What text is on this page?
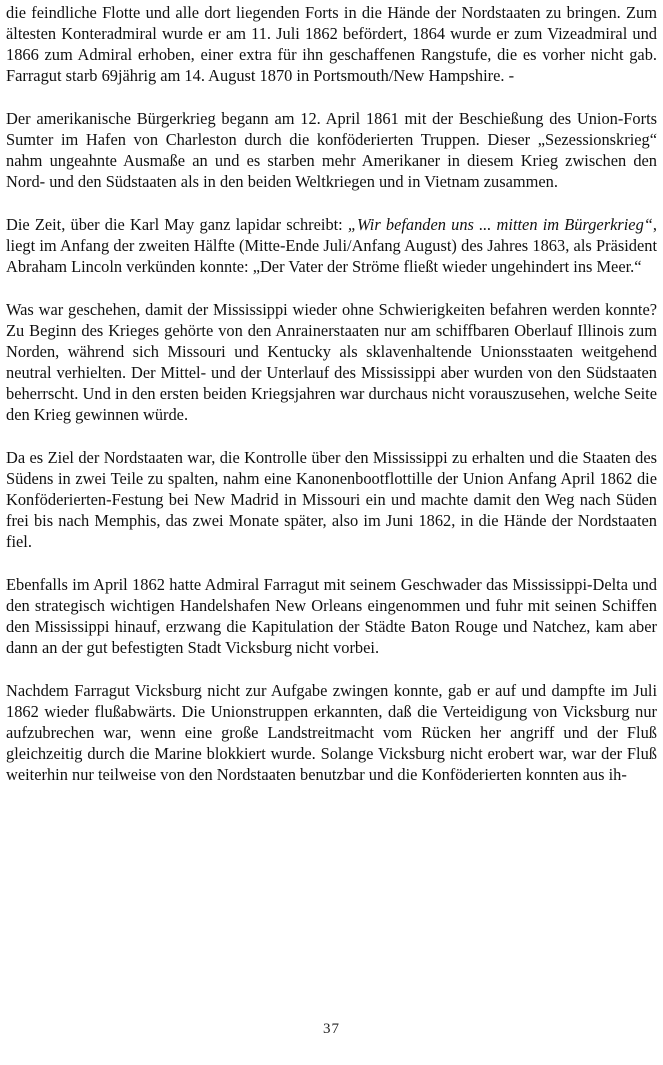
die feindliche Flotte und alle dort liegenden Forts in die Hände der Nordstaaten zu bringen. Zum ältesten Konteradmiral wurde er am 11. Juli 1862 befördert, 1864 wurde er zum Vizeadmiral und 1866 zum Admiral erhoben, einer extra für ihn geschaffenen Rangstufe, die es vorher nicht gab. Farragut starb 69jährig am 14. August 1870 in Portsmouth/New Hampshire. -

Der amerikanische Bürgerkrieg begann am 12. April 1861 mit der Beschießung des Union-Forts Sumter im Hafen von Charleston durch die konföderierten Truppen. Dieser „Sezessionskrieg“ nahm ungeahnte Ausmaße an und es starben mehr Amerikaner in diesem Krieg zwischen den Nord- und den Südstaaten als in den beiden Weltkriegen und in Vietnam zusammen.

Die Zeit, über die Karl May ganz lapidar schreibt: „Wir befanden uns ... mitten im Bürgerkrieg“, liegt im Anfang der zweiten Hälfte (Mitte-Ende Juli/Anfang August) des Jahres 1863, als Präsident Abraham Lincoln verkünden konnte: „Der Vater der Ströme fließt wieder ungehindert ins Meer.“

Was war geschehen, damit der Mississippi wieder ohne Schwierigkeiten befahren werden konnte? Zu Beginn des Krieges gehörte von den Anrainerstaaten nur am schiffbaren Oberlauf Illinois zum Norden, während sich Missouri und Kentucky als sklavenhaltende Unionsstaaten weitgehend neutral verhielten. Der Mittel- und der Unterlauf des Mississippi aber wurden von den Südstaaten beherrscht. Und in den ersten beiden Kriegsjahren war durchaus nicht vorauszusehen, welche Seite den Krieg gewinnen würde.

Da es Ziel der Nordstaaten war, die Kontrolle über den Mississippi zu erhalten und die Staaten des Südens in zwei Teile zu spalten, nahm eine Kanonenbootflottille der Union Anfang April 1862 die Konföderierten-Festung bei New Madrid in Missouri ein und machte damit den Weg nach Süden frei bis nach Memphis, das zwei Monate später, also im Juni 1862, in die Hände der Nordstaaten fiel.

Ebenfalls im April 1862 hatte Admiral Farragut mit seinem Geschwader das Mississippi-Delta und den strategisch wichtigen Handelshafen New Orleans eingenommen und fuhr mit seinen Schiffen den Mississippi hinauf, erzwang die Kapitulation der Städte Baton Rouge und Natchez, kam aber dann an der gut befestigten Stadt Vicksburg nicht vorbei.

Nachdem Farragut Vicksburg nicht zur Aufgabe zwingen konnte, gab er auf und dampfte im Juli 1862 wieder flußabwärts. Die Unionstruppen erkannten, daß die Verteidigung von Vicksburg nur aufzubrechen war, wenn eine große Landstreitmacht vom Rücken her angriff und der Fluß gleichzeitig durch die Marine blokkiert wurde. Solange Vicksburg nicht erobert war, war der Fluß weiterhin nur teilweise von den Nordstaaten benutzbar und die Konföderierten konnten aus ih-

37
